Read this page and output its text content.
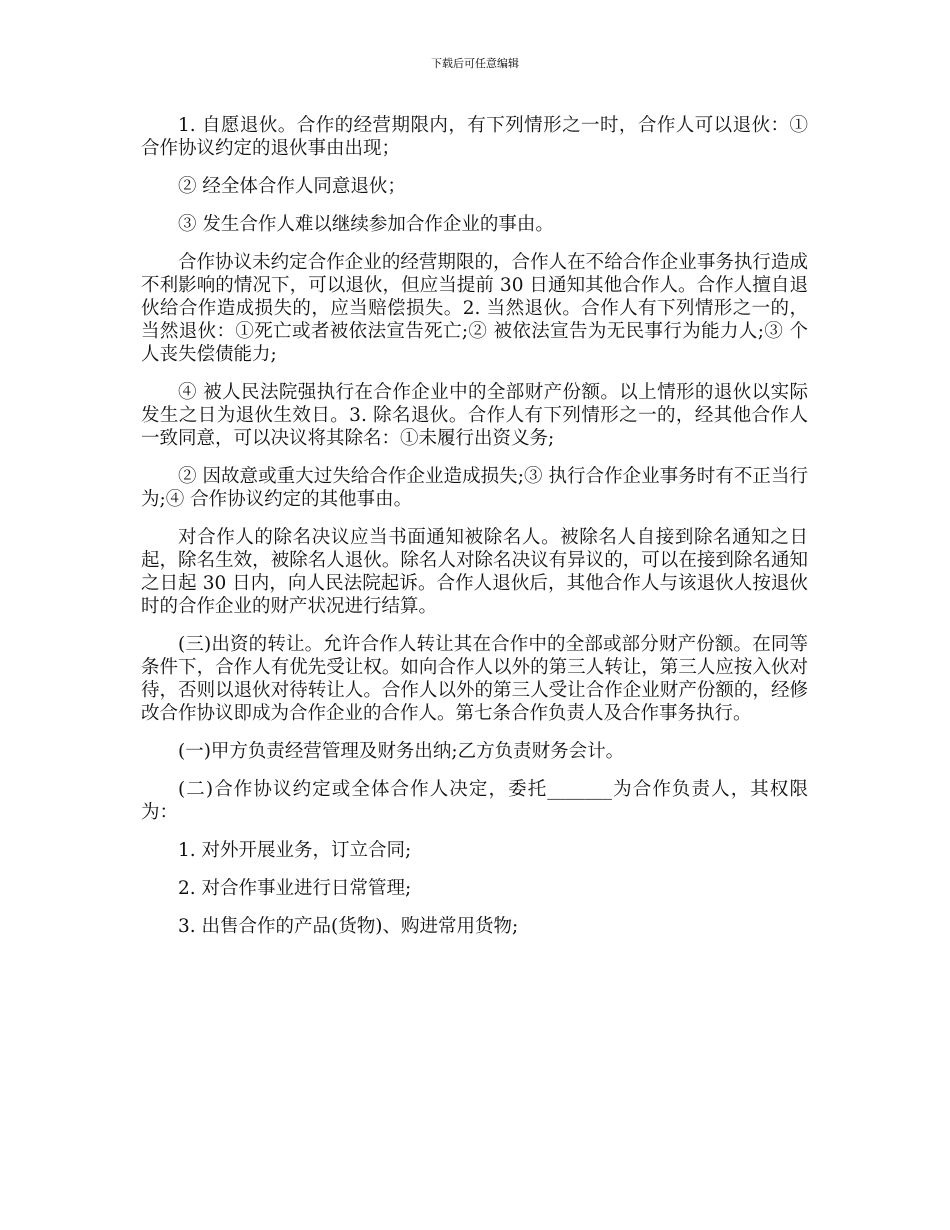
下载后可任意编辑

1. 自愿退伙。合作的经营期限内，有下列情形之一时，合作人可以退伙：①合作协议约定的退伙事由出现；

② 经全体合作人同意退伙；

③ 发生合作人难以继续参加合作企业的事由。

合作协议未约定合作企业的经营期限的，合作人在不给合作企业事务执行造成不利影响的情况下，可以退伙，但应当提前 30 日通知其他合作人。合作人擅自退伙给合作造成损失的，应当赔偿损失。2. 当然退伙。合作人有下列情形之一的，当然退伙：①死亡或者被依法宣告死亡;② 被依法宣告为无民事行为能力人;③ 个人丧失偿债能力;

④ 被人民法院强执行在合作企业中的全部财产份额。以上情形的退伙以实际发生之日为退伙生效日。3. 除名退伙。合作人有下列情形之一的，经其他合作人一致同意，可以决议将其除名：①未履行出资义务;

② 因故意或重大过失给合作企业造成损失;③ 执行合作企业事务时有不正当行为;④ 合作协议约定的其他事由。

对合作人的除名决议应当书面通知被除名人。被除名人自接到除名通知之日起，除名生效，被除名人退伙。除名人对除名决议有异议的，可以在接到除名通知之日起 30 日内，向人民法院起诉。合作人退伙后，其他合作人与该退伙人按退伙时的合作企业的财产状况进行结算。

(三)出资的转让。允许合作人转让其在合作中的全部或部分财产份额。在同等条件下，合作人有优先受让权。如向合作人以外的第三人转让，第三人应按入伙对待，否则以退伙对待转让人。合作人以外的第三人受让合作企业财产份额的，经修改合作协议即成为合作企业的合作人。第七条合作负责人及合作事务执行。

(一)甲方负责经营管理及财务出纳;乙方负责财务会计。

(二)合作协议约定或全体合作人决定，委托_______为合作负责人，其权限为：

1. 对外开展业务，订立合同;

2. 对合作事业进行日常管理;

3. 出售合作的产品(货物)、购进常用货物;
